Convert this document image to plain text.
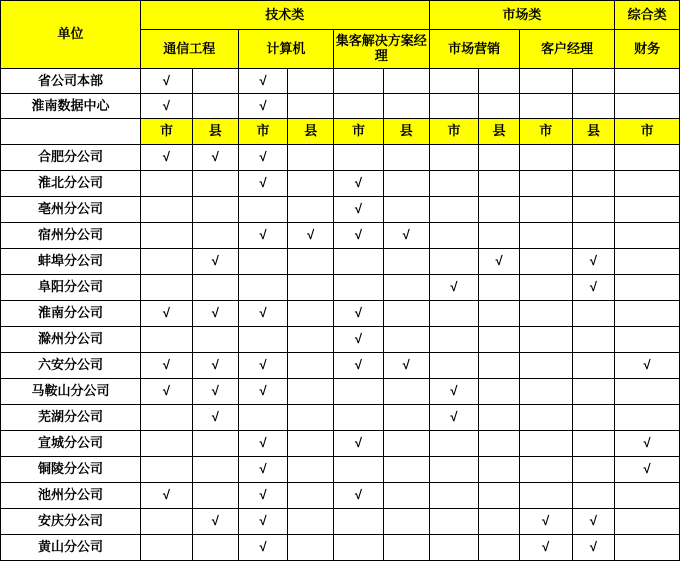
单位	技术类						市场类				综合类
	通信工程		计算机		集客解决方案经理		市场营销		客户经理		财务
省公司本部	√		√								
淮南数据中心	√		√								
	市	县	市	县	市	县	市	县	市	县	市
合肥分公司	√	√	√								
淮北分公司			√		√						
亳州分公司					√						
宿州分公司			√	√	√	√					
蚌埠分公司		√						√		√	
阜阳分公司							√			√	
淮南分公司	√	√	√		√						
滁州分公司					√						
六安分公司	√	√	√		√	√					√
马鞍山分公司	√	√	√				√				
芜湖分公司		√					√				
宣城分公司			√		√						√
铜陵分公司			√								√
池州分公司	√		√		√						
安庆分公司		√	√						√	√	
黄山分公司			√						√	√	
